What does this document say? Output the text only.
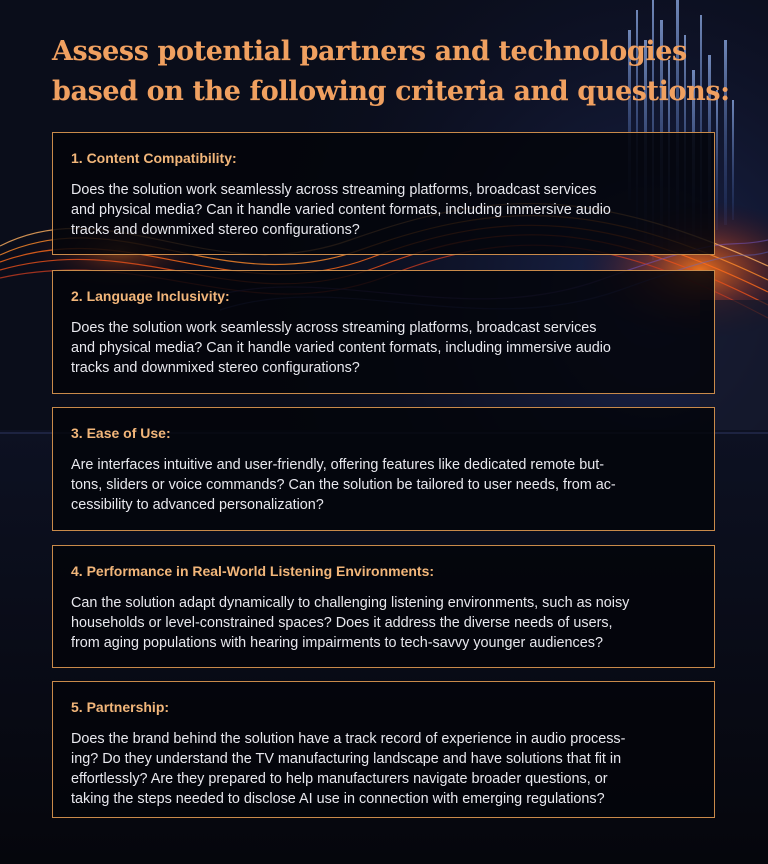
Assess potential partners and technologies
based on the following criteria and questions:
1. Content Compatibility:

Does the solution work seamlessly across streaming platforms, broadcast services
and physical media? Can it handle varied content formats, including immersive audio
tracks and downmixed stereo configurations?

2. Language Inclusivity:

Does the solution work seamlessly across streaming platforms, broadcast services
and physical media? Can it handle varied content formats, including immersive audio
tracks and downmixed stereo configurations?

3. Ease of Use:

Are interfaces intuitive and user-friendly, offering features like dedicated remote but-
tons, sliders or voice commands? Can the solution be tailored to user needs, from ac-
cessibility to advanced personalization?

4. Performance in Real-World Listening Environments:

Can the solution adapt dynamically to challenging listening environments, such as noisy
households or level-constrained spaces? Does it address the diverse needs of users,
from aging populations with hearing impairments to tech-savvy younger audiences?

5. Partnership:

Does the brand behind the solution have a track record of experience in audio process-
ing? Do they understand the TV manufacturing landscape and have solutions that fit in
effortlessly? Are they prepared to help manufacturers navigate broader questions, or
taking the steps needed to disclose AI use in connection with emerging regulations?
